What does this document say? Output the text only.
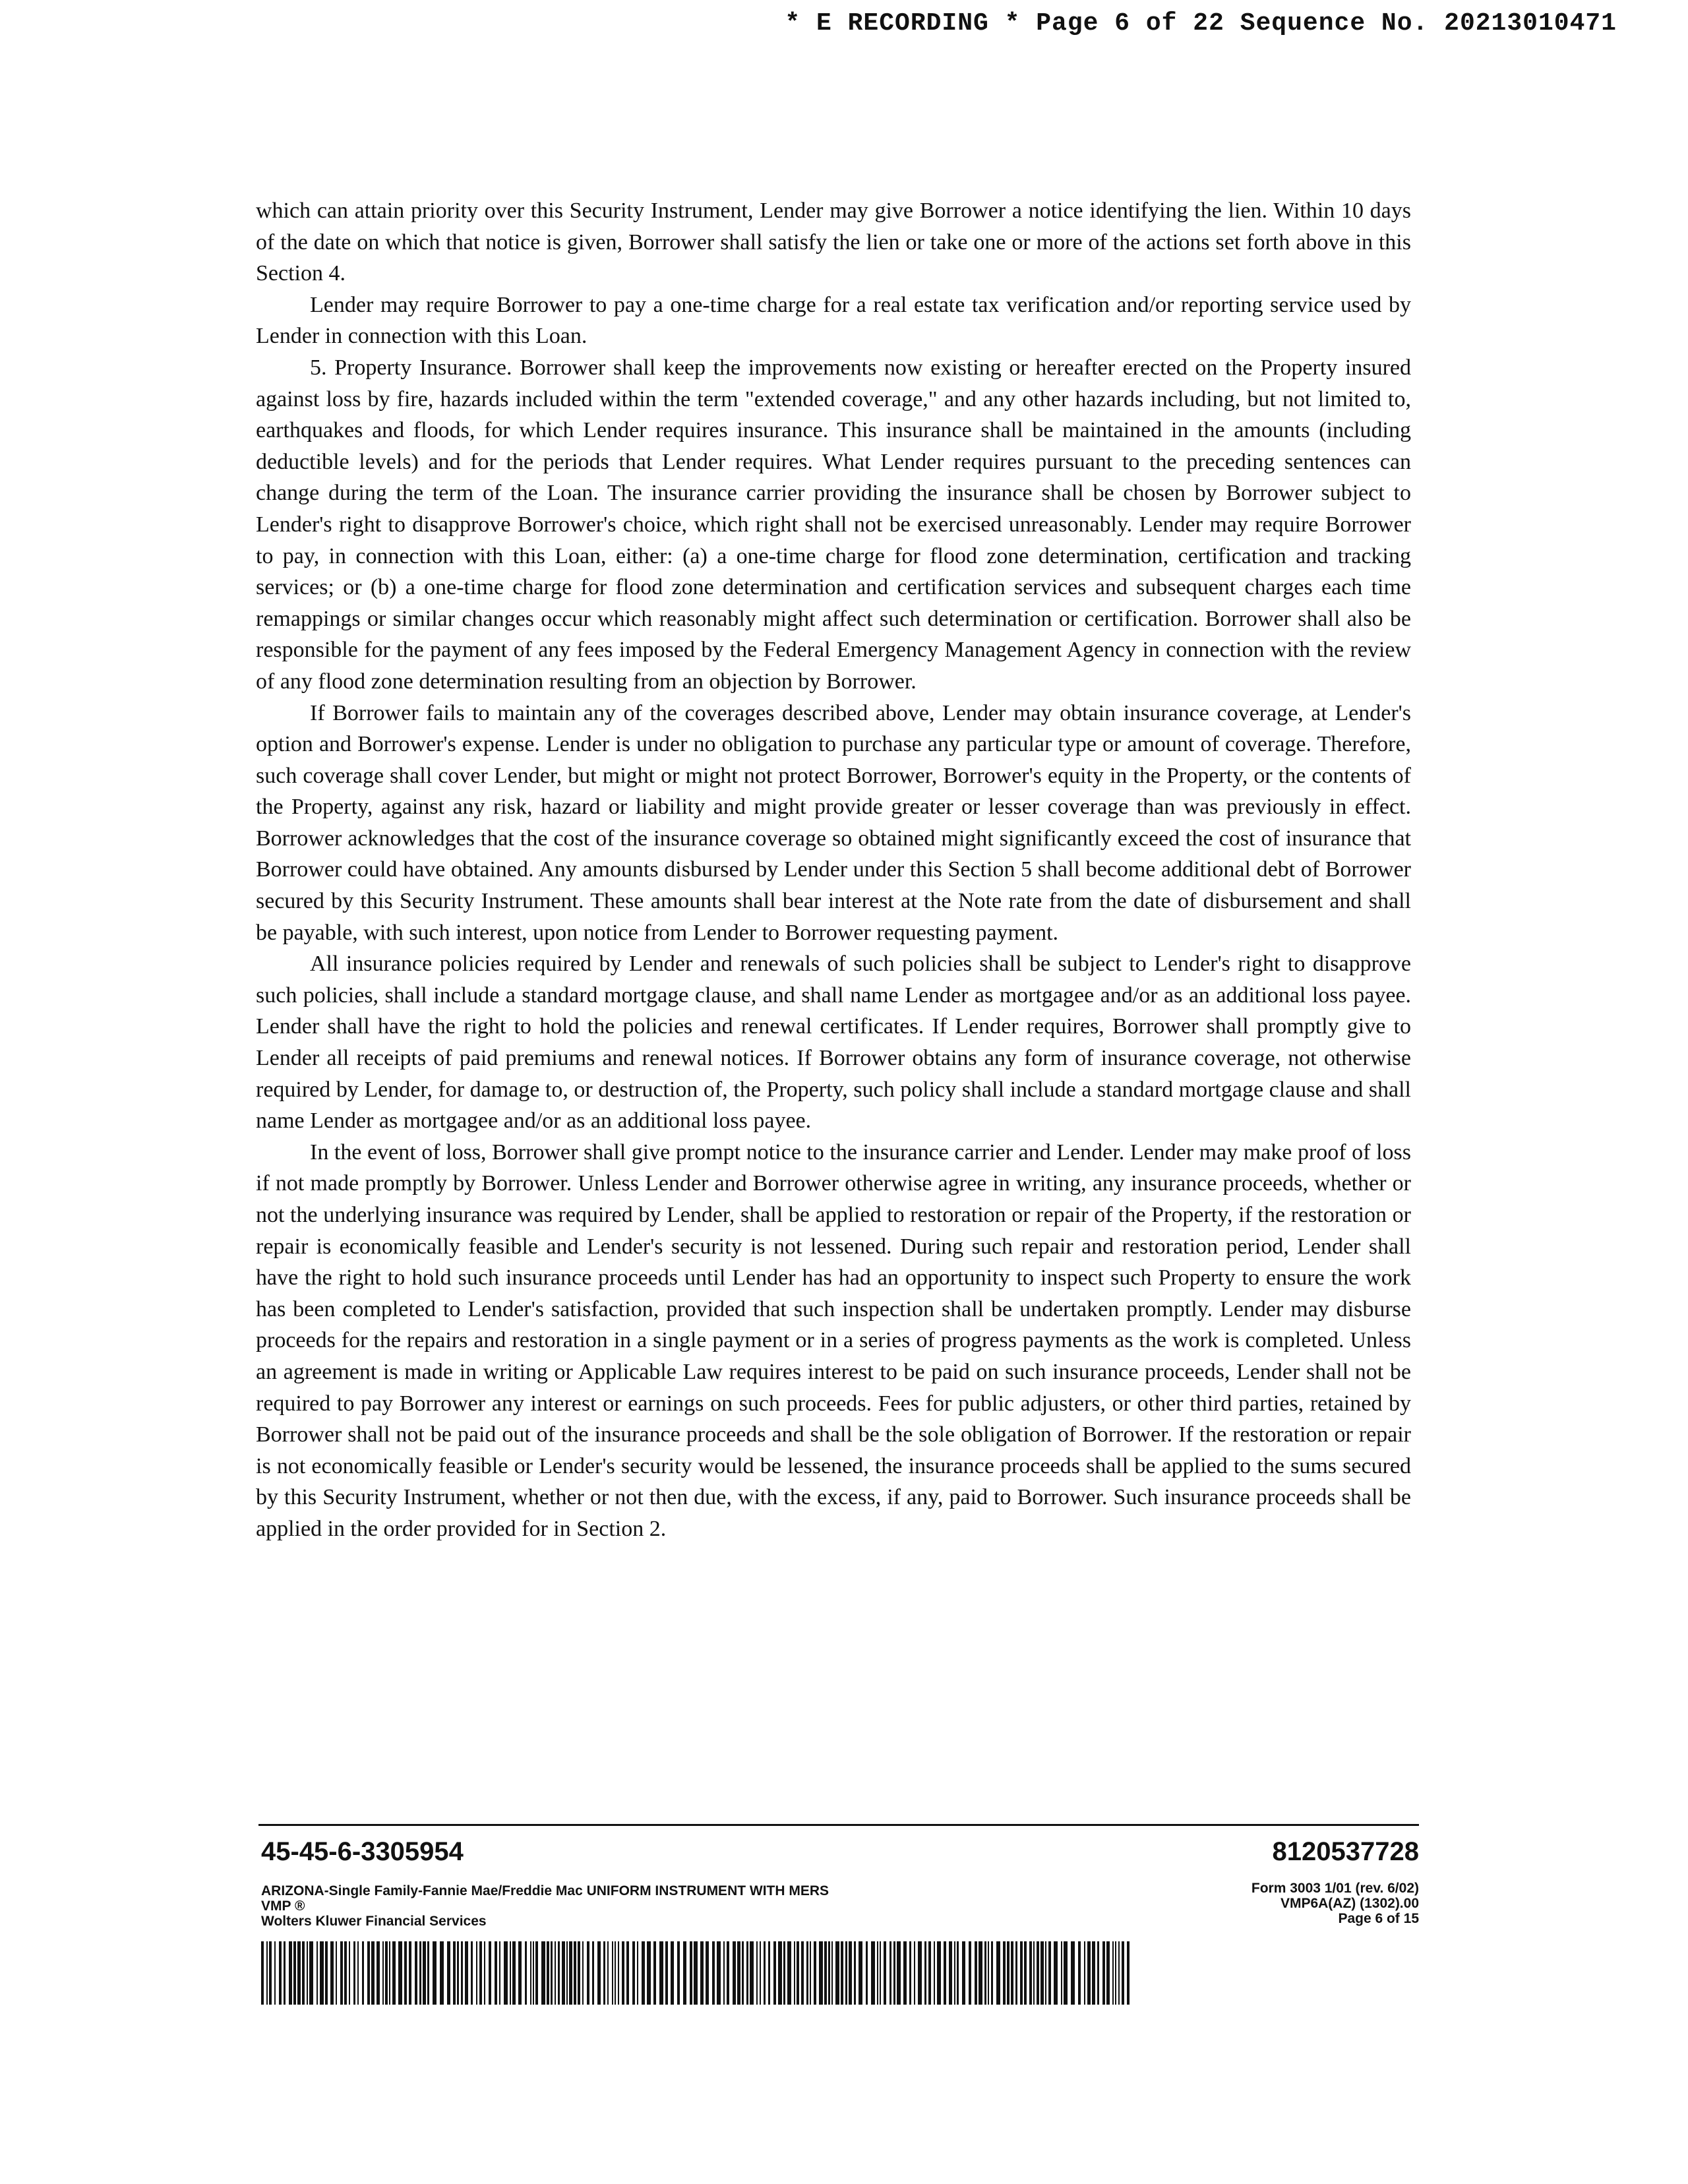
* E RECORDING * Page 6 of 22 Sequence No. 20213010471

which can attain priority over this Security Instrument, Lender may give Borrower a notice identifying the lien. Within 10 days of the date on which that notice is given, Borrower shall satisfy the lien or take one or more of the actions set forth above in this Section 4.

Lender may require Borrower to pay a one-time charge for a real estate tax verification and/or reporting service used by Lender in connection with this Loan.

5. Property Insurance. Borrower shall keep the improvements now existing or hereafter erected on the Property insured against loss by fire, hazards included within the term "extended coverage," and any other hazards including, but not limited to, earthquakes and floods, for which Lender requires insurance. This insurance shall be maintained in the amounts (including deductible levels) and for the periods that Lender requires. What Lender requires pursuant to the preceding sentences can change during the term of the Loan. The insurance carrier providing the insurance shall be chosen by Borrower subject to Lender's right to disapprove Borrower's choice, which right shall not be exercised unreasonably. Lender may require Borrower to pay, in connection with this Loan, either: (a) a one-time charge for flood zone determination, certification and tracking services; or (b) a one-time charge for flood zone determination and certification services and subsequent charges each time remappings or similar changes occur which reasonably might affect such determination or certification. Borrower shall also be responsible for the payment of any fees imposed by the Federal Emergency Management Agency in connection with the review of any flood zone determination resulting from an objection by Borrower.

If Borrower fails to maintain any of the coverages described above, Lender may obtain insurance coverage, at Lender's option and Borrower's expense. Lender is under no obligation to purchase any particular type or amount of coverage. Therefore, such coverage shall cover Lender, but might or might not protect Borrower, Borrower's equity in the Property, or the contents of the Property, against any risk, hazard or liability and might provide greater or lesser coverage than was previously in effect. Borrower acknowledges that the cost of the insurance coverage so obtained might significantly exceed the cost of insurance that Borrower could have obtained. Any amounts disbursed by Lender under this Section 5 shall become additional debt of Borrower secured by this Security Instrument. These amounts shall bear interest at the Note rate from the date of disbursement and shall be payable, with such interest, upon notice from Lender to Borrower requesting payment.

All insurance policies required by Lender and renewals of such policies shall be subject to Lender's right to disapprove such policies, shall include a standard mortgage clause, and shall name Lender as mortgagee and/or as an additional loss payee. Lender shall have the right to hold the policies and renewal certificates. If Lender requires, Borrower shall promptly give to Lender all receipts of paid premiums and renewal notices. If Borrower obtains any form of insurance coverage, not otherwise required by Lender, for damage to, or destruction of, the Property, such policy shall include a standard mortgage clause and shall name Lender as mortgagee and/or as an additional loss payee.

In the event of loss, Borrower shall give prompt notice to the insurance carrier and Lender. Lender may make proof of loss if not made promptly by Borrower. Unless Lender and Borrower otherwise agree in writing, any insurance proceeds, whether or not the underlying insurance was required by Lender, shall be applied to restoration or repair of the Property, if the restoration or repair is economically feasible and Lender's security is not lessened. During such repair and restoration period, Lender shall have the right to hold such insurance proceeds until Lender has had an opportunity to inspect such Property to ensure the work has been completed to Lender's satisfaction, provided that such inspection shall be undertaken promptly. Lender may disburse proceeds for the repairs and restoration in a single payment or in a series of progress payments as the work is completed. Unless an agreement is made in writing or Applicable Law requires interest to be paid on such insurance proceeds, Lender shall not be required to pay Borrower any interest or earnings on such proceeds. Fees for public adjusters, or other third parties, retained by Borrower shall not be paid out of the insurance proceeds and shall be the sole obligation of Borrower. If the restoration or repair is not economically feasible or Lender's security would be lessened, the insurance proceeds shall be applied to the sums secured by this Security Instrument, whether or not then due, with the excess, if any, paid to Borrower. Such insurance proceeds shall be applied in the order provided for in Section 2.

45-45-6-3305954	8120537728
ARIZONA-Single Family-Fannie Mae/Freddie Mac UNIFORM INSTRUMENT WITH MERS
VMP ®
Wolters Kluwer Financial Services
Form 3003 1/01 (rev. 6/02)
VMP6A(AZ) (1302).00
Page 6 of 15
